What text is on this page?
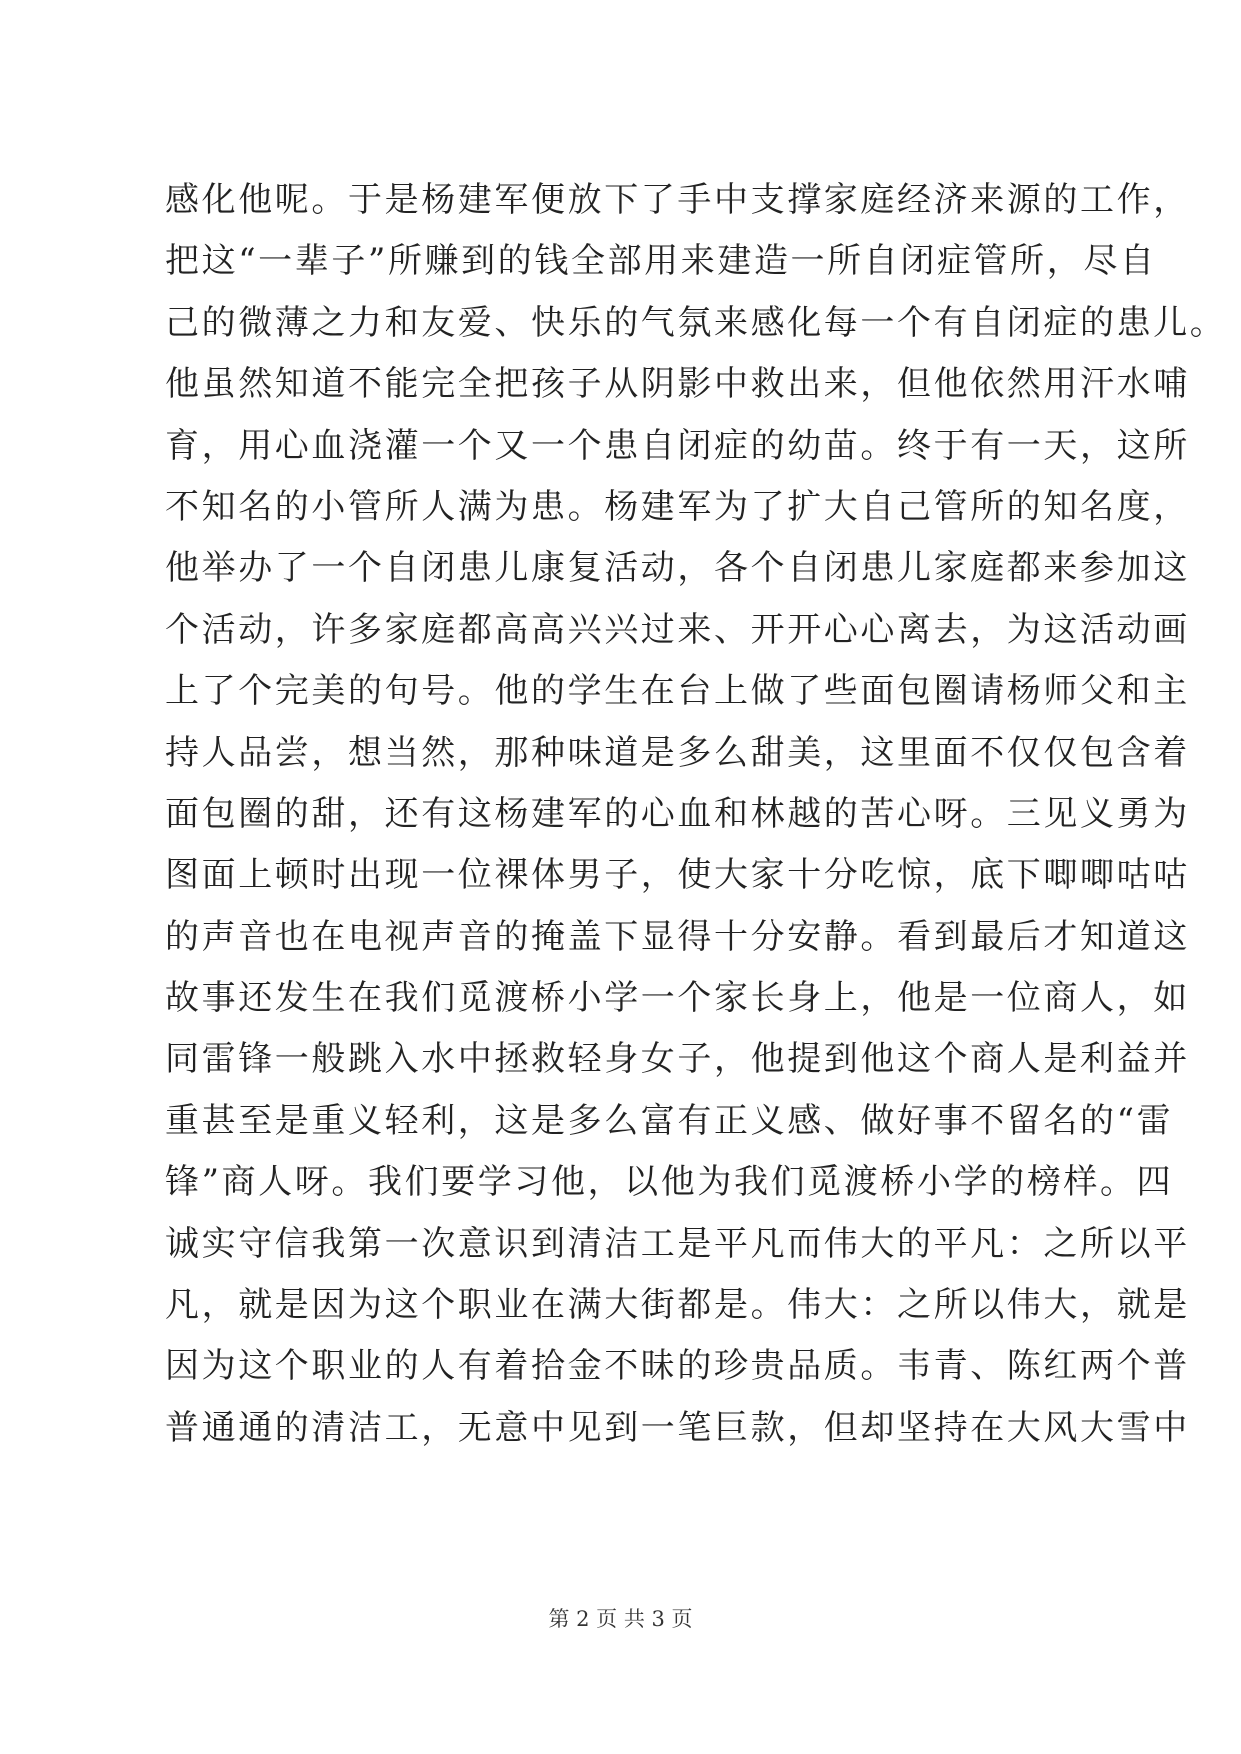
感化他呢。于是杨建军便放下了手中支撑家庭经济来源的工作，
把这“一辈子”所赚到的钱全部用来建造一所自闭症管所，尽自
己的微薄之力和友爱、快乐的气氛来感化每一个有自闭症的患儿。
他虽然知道不能完全把孩子从阴影中救出来，但他依然用汗水哺
育，用心血浇灌一个又一个患自闭症的幼苗。终于有一天，这所
不知名的小管所人满为患。杨建军为了扩大自己管所的知名度，
他举办了一个自闭患儿康复活动，各个自闭患儿家庭都来参加这
个活动，许多家庭都高高兴兴过来、开开心心离去，为这活动画
上了个完美的句号。他的学生在台上做了些面包圈请杨师父和主
持人品尝，想当然，那种味道是多么甜美，这里面不仅仅包含着
面包圈的甜，还有这杨建军的心血和林越的苦心呀。三见义勇为
图面上顿时出现一位裸体男子，使大家十分吃惊，底下唧唧咕咕
的声音也在电视声音的掩盖下显得十分安静。看到最后才知道这
故事还发生在我们觅渡桥小学一个家长身上，他是一位商人，如
同雷锋一般跳入水中拯救轻身女子，他提到他这个商人是利益并
重甚至是重义轻利，这是多么富有正义感、做好事不留名的“雷
锋”商人呀。我们要学习他，以他为我们觅渡桥小学的榜样。四
诚实守信我第一次意识到清洁工是平凡而伟大的平凡：之所以平
凡，就是因为这个职业在满大街都是。伟大：之所以伟大，就是
因为这个职业的人有着拾金不昧的珍贵品质。韦青、陈红两个普
普通通的清洁工，无意中见到一笔巨款，但却坚持在大风大雪中
第 2 页 共 3 页
